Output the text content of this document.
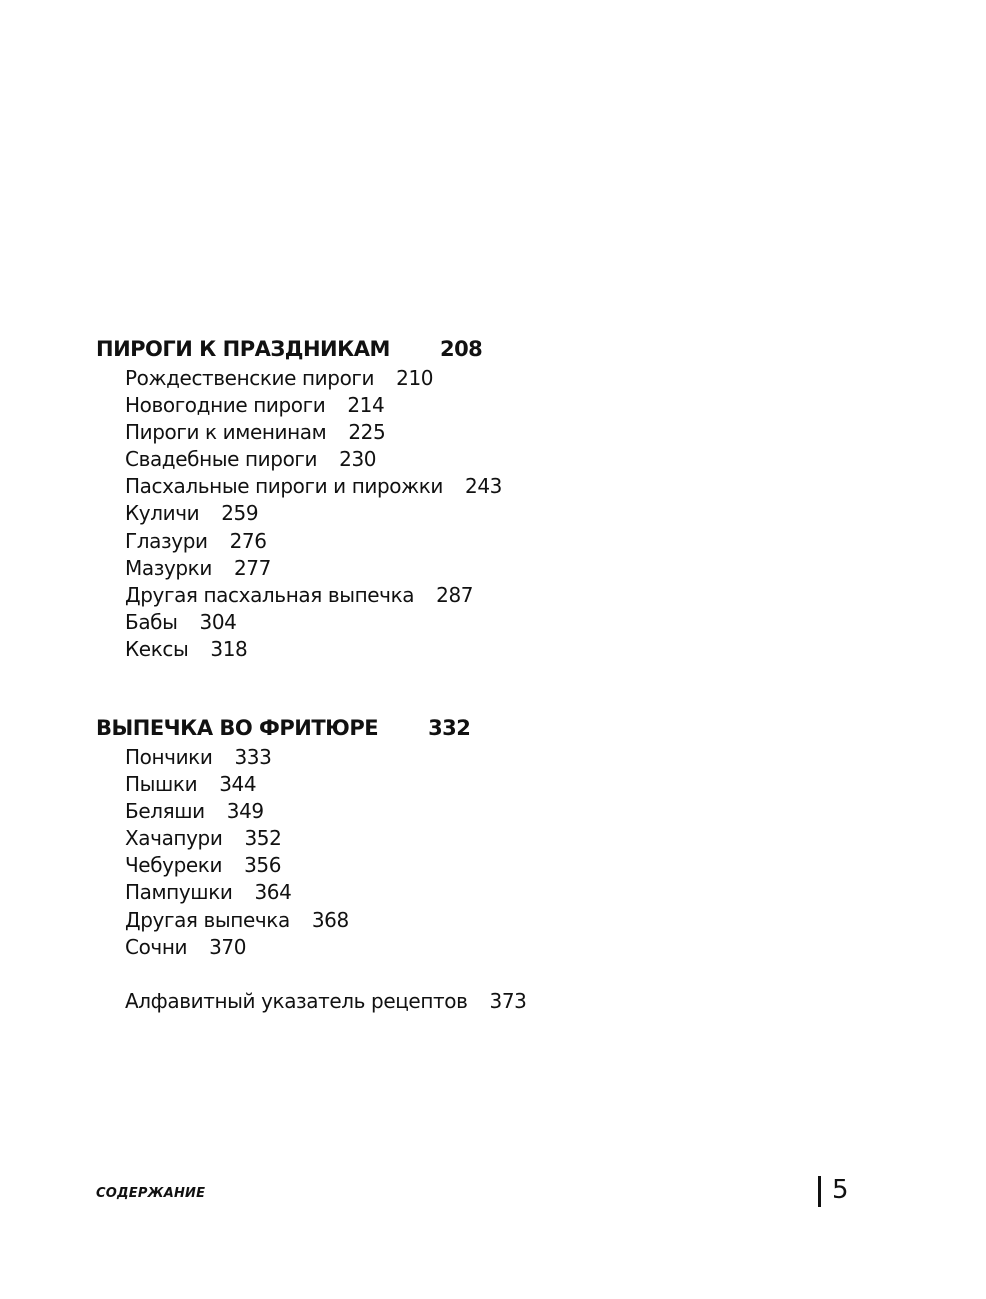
ПИРОГИ К ПРАЗДНИКАМ 208
Рождественские пироги 210
Новогодние пироги 214
Пироги к именинам 225
Свадебные пироги 230
Пасхальные пироги и пирожки 243
Куличи 259
Глазури 276
Мазурки 277
Другая пасхальная выпечка 287
Бабы 304
Кексы 318
ВЫПЕЧКА ВО ФРИТЮРЕ 332
Пончики 333
Пышки 344
Беляши 349
Хачапури 352
Чебуреки 356
Пампушки 364
Другая выпечка 368
Сочни 370
Алфавитный указатель рецептов 373
СОДЕРЖАНИЕ	5
